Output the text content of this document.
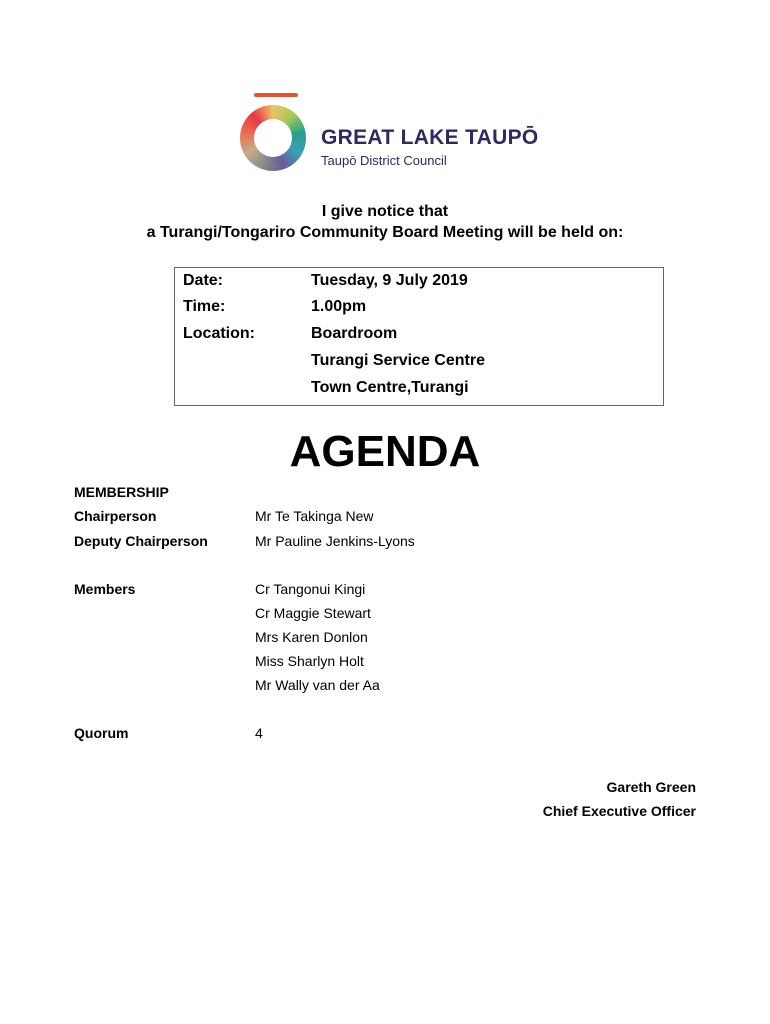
GREAT LAKE TAUPŌ
Taupō District Council
I give notice that
a Turangi/Tongariro Community Board Meeting will be held on:
Date:	Tuesday, 9 July 2019
Time:	1.00pm
Location:	Boardroom
Turangi Service Centre
Town Centre,Turangi
AGENDA
MEMBERSHIP
Chairperson	Mr Te Takinga New
Deputy Chairperson	Mr Pauline Jenkins-Lyons
Members	Cr Tangonui Kingi
Cr Maggie Stewart
Mrs Karen Donlon
Miss Sharlyn Holt
Mr Wally van der Aa
Quorum	4
Gareth Green
Chief Executive Officer
